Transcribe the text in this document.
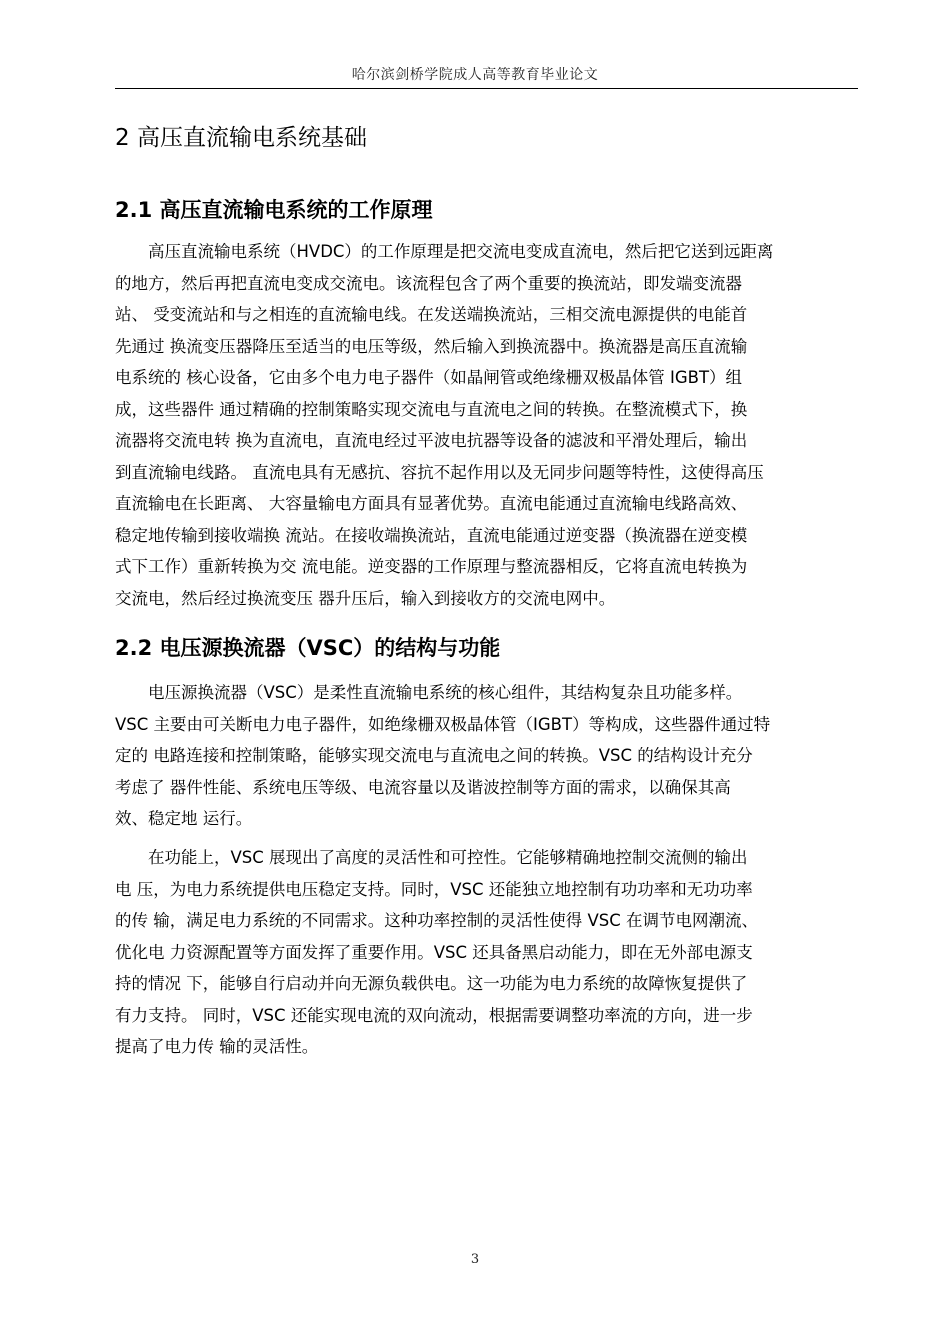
哈尔滨剑桥学院成人高等教育毕业论文
2 高压直流输电系统基础
2.1 高压直流输电系统的工作原理
　　高压直流输电系统（HVDC）的工作原理是把交流电变成直流电，然后把它送到远距离
的地方，然后再把直流电变成交流电。该流程包含了两个重要的换流站，即发端变流器
站、 受变流站和与之相连的直流输电线。在发送端换流站，三相交流电源提供的电能首
先通过 换流变压器降压至适当的电压等级，然后输入到换流器中。换流器是高压直流输
电系统的 核心设备，它由多个电力电子器件（如晶闸管或绝缘栅双极晶体管 IGBT）组
成，这些器件 通过精确的控制策略实现交流电与直流电之间的转换。在整流模式下，换
流器将交流电转 换为直流电，直流电经过平波电抗器等设备的滤波和平滑处理后，输出
到直流输电线路。 直流电具有无感抗、容抗不起作用以及无同步问题等特性，这使得高压
直流输电在长距离、 大容量输电方面具有显著优势。直流电能通过直流输电线路高效、
稳定地传输到接收端换 流站。在接收端换流站，直流电能通过逆变器（换流器在逆变模
式下工作）重新转换为交 流电能。逆变器的工作原理与整流器相反，它将直流电转换为
交流电，然后经过换流变压 器升压后，输入到接收方的交流电网中。
2.2 电压源换流器（VSC）的结构与功能
　　电压源换流器（VSC）是柔性直流输电系统的核心组件，其结构复杂且功能多样。
VSC 主要由可关断电力电子器件，如绝缘栅双极晶体管（IGBT）等构成，这些器件通过特
定的 电路连接和控制策略，能够实现交流电与直流电之间的转换。VSC 的结构设计充分
考虑了 器件性能、系统电压等级、电流容量以及谐波控制等方面的需求，以确保其高
效、稳定地 运行。
　　在功能上，VSC 展现出了高度的灵活性和可控性。它能够精确地控制交流侧的输出
电 压，为电力系统提供电压稳定支持。同时，VSC 还能独立地控制有功功率和无功功率
的传 输，满足电力系统的不同需求。这种功率控制的灵活性使得 VSC 在调节电网潮流、
优化电 力资源配置等方面发挥了重要作用。VSC 还具备黑启动能力，即在无外部电源支
持的情况 下，能够自行启动并向无源负载供电。这一功能为电力系统的故障恢复提供了
有力支持。 同时，VSC 还能实现电流的双向流动，根据需要调整功率流的方向，进一步
提高了电力传 输的灵活性。
3
